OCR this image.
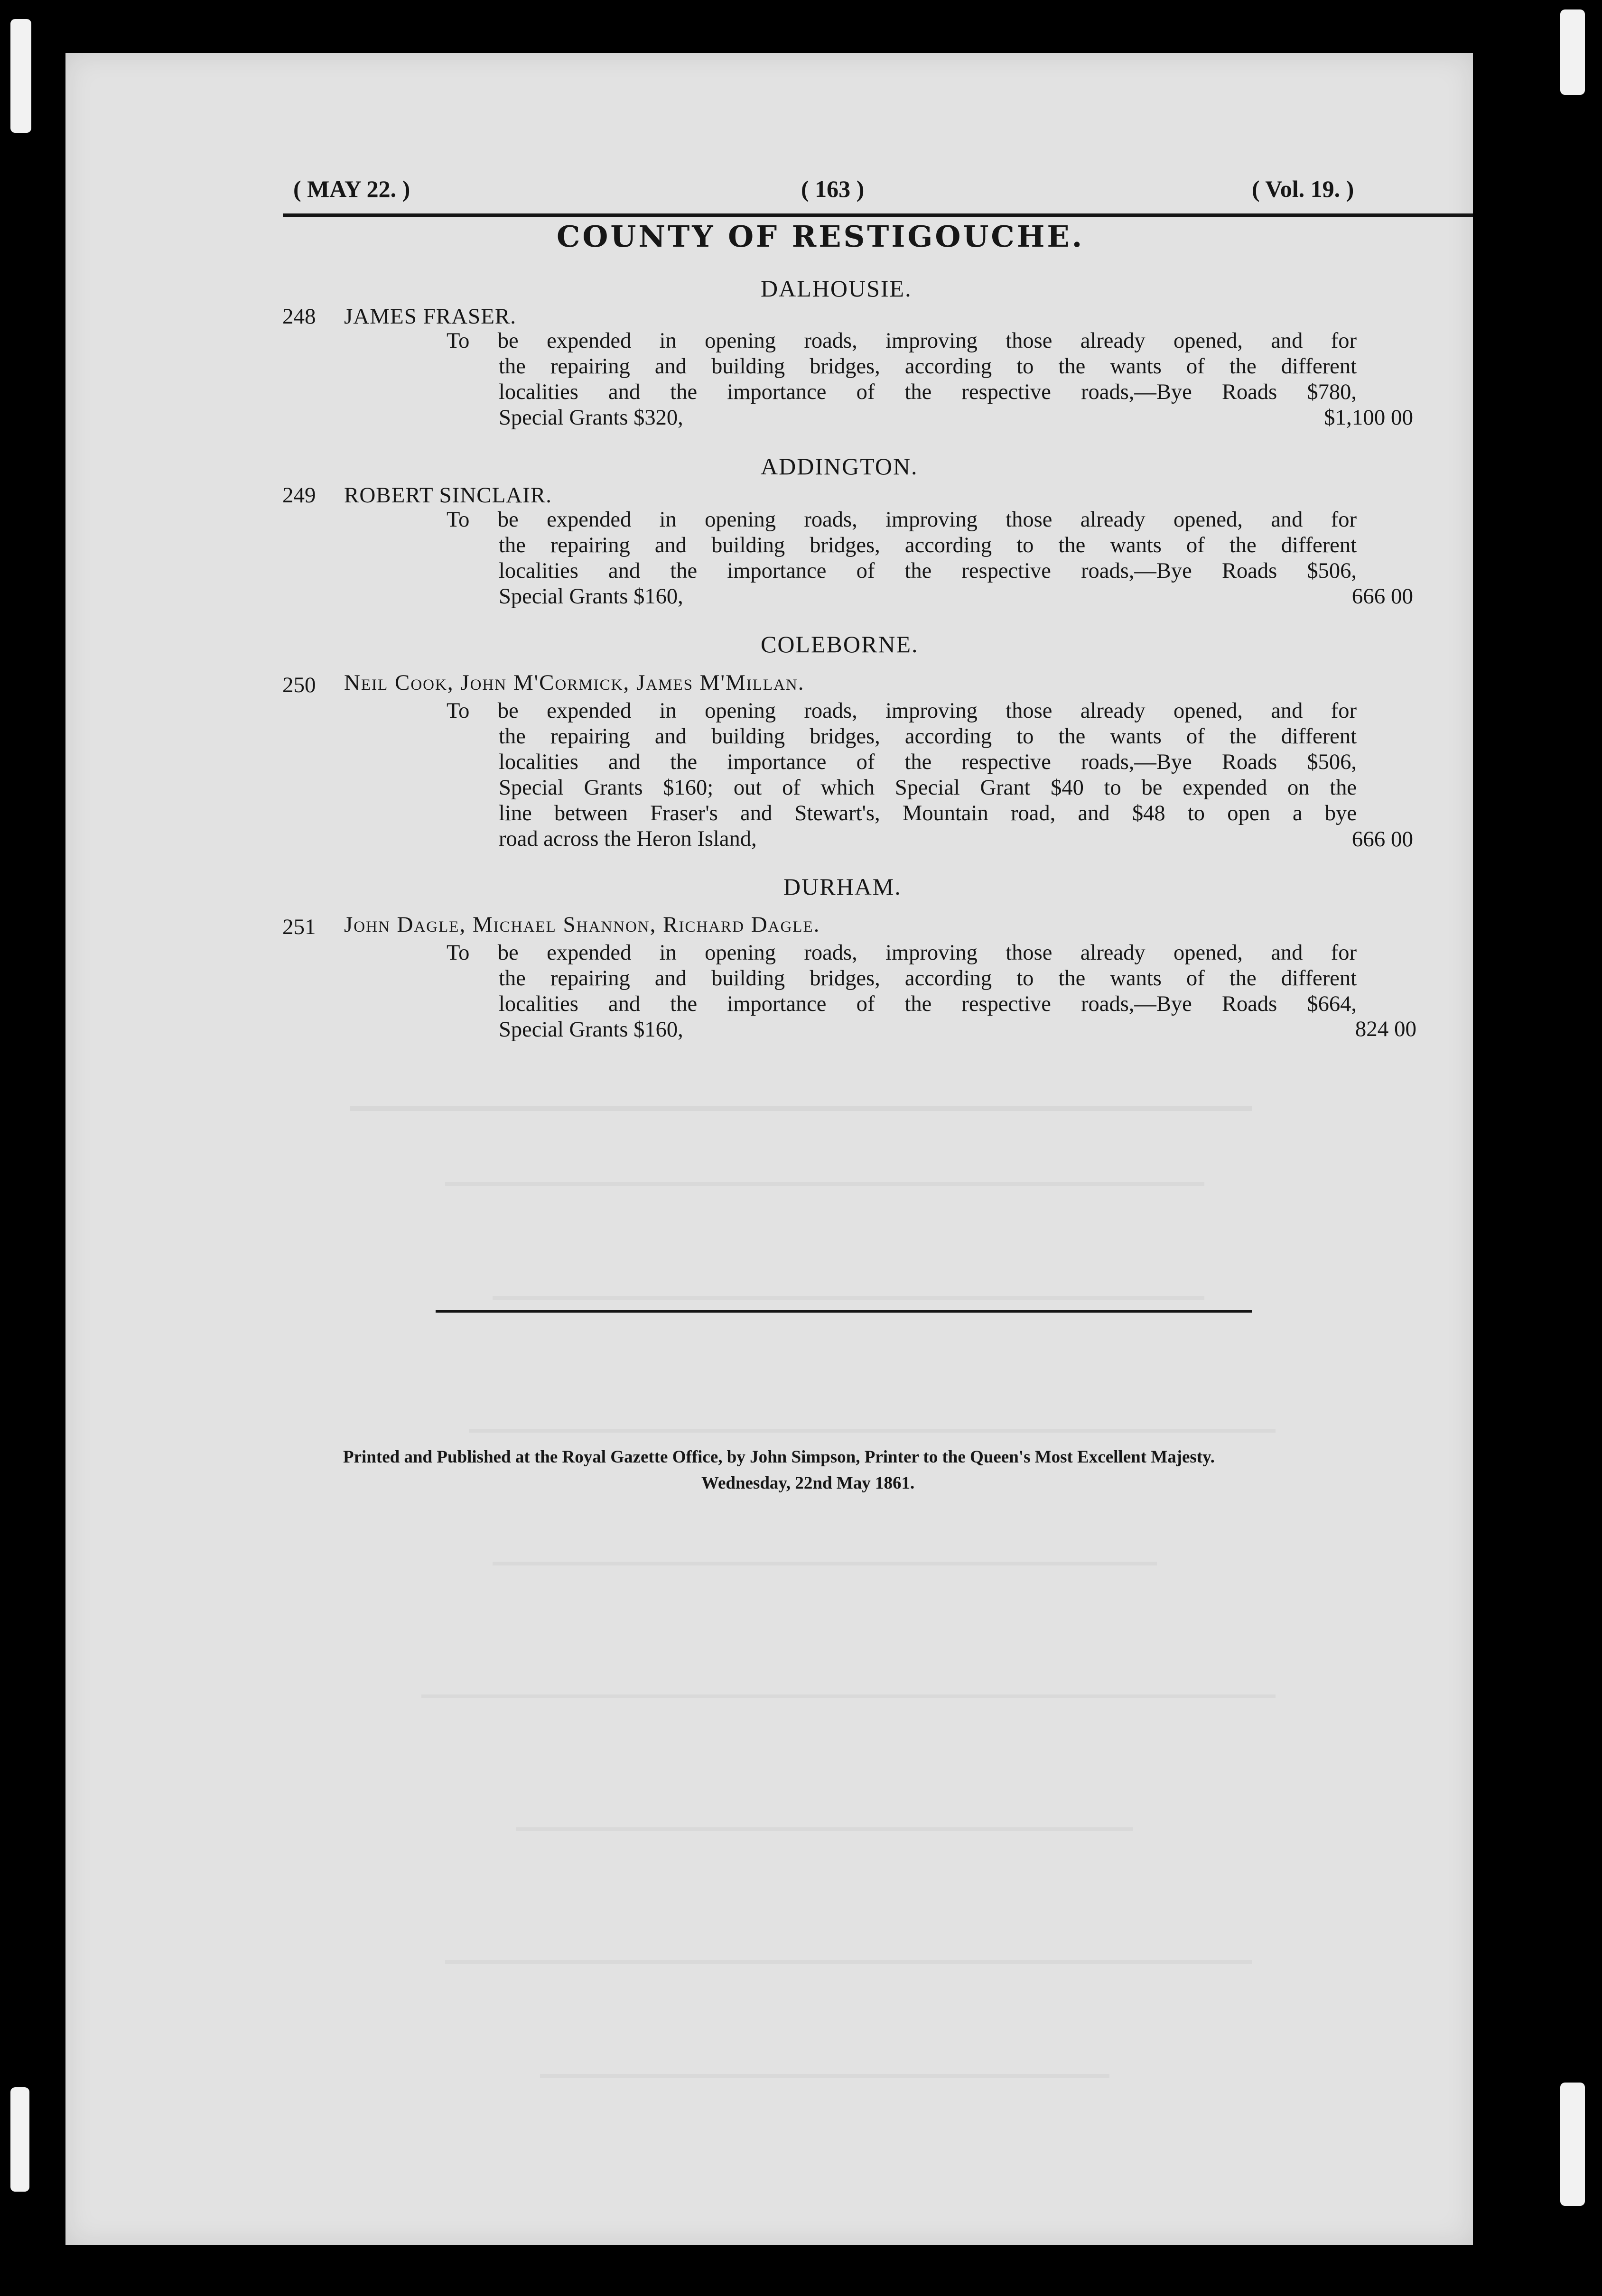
( MAY 22. )	( 163 )	( Vol. 19. )
COUNTY OF RESTIGOUCHE.
DALHOUSIE.
248 JAMES FRASER.
To be expended in opening roads, improving those already opened, and for
the repairing and building bridges, according to the wants of the different
localities and the importance of the respective roads,—Bye Roads $780,
Special Grants $320,	$1,100 00
ADDINGTON.
249 ROBERT SINCLAIR.
To be expended in opening roads, improving those already opened, and for
the repairing and building bridges, according to the wants of the different
localities and the importance of the respective roads,—Bye Roads $506,
Special Grants $160,	666 00
COLEBORNE.
250 Neil Cook, John M'Cormick, James M'Millan.
To be expended in opening roads, improving those already opened, and for
the repairing and building bridges, according to the wants of the different
localities and the importance of the respective roads,—Bye Roads $506,
Special Grants $160; out of which Special Grant $40 to be expended on the
line between Fraser's and Stewart's, Mountain road, and $48 to open a bye
road across the Heron Island,	666 00
DURHAM.
251 John Dagle, Michael Shannon, Richard Dagle.
To be expended in opening roads, improving those already opened, and for
the repairing and building bridges, according to the wants of the different
localities and the importance of the respective roads,—Bye Roads $664,
Special Grants $160,	824 00
Printed and Published at the Royal Gazette Office, by John Simpson, Printer to the Queen's Most Excellent Majesty.
Wednesday, 22nd May 1861.
